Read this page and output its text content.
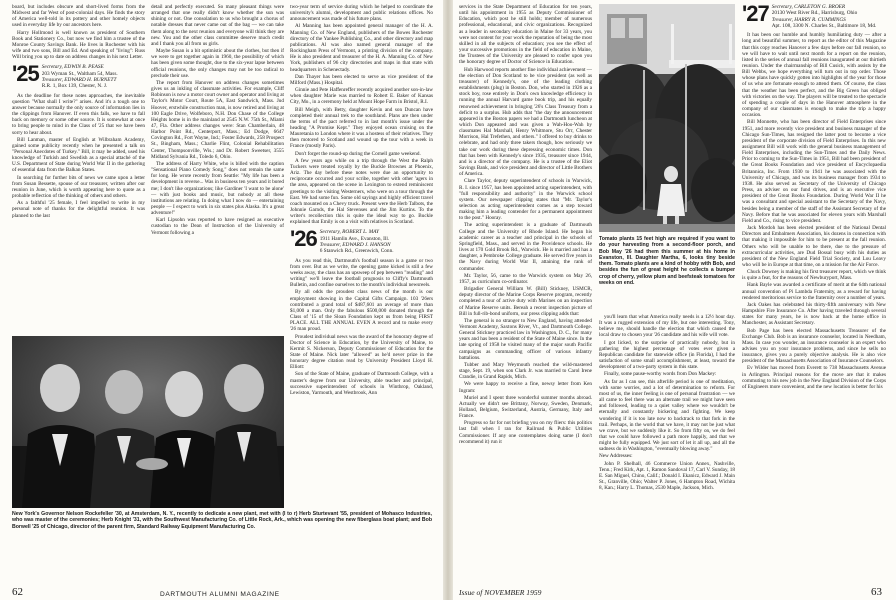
board, but includes obscure and short-lived forms from the Midwest and far West of post-colonial days. He finds the story of America well-told in its pottery and other homely objects used in everyday life by our ancestors here.

Harry Hollmond is well known as president of Southern Book and Stationery Co., but now we find him a trustee of the Monroe County Savings Bank. He lives in Rochester with his wife and two sons, Bill and Ed. And speaking of "living": Russ Will bring you up to date on address changes in his next Letter.

'25 Secretary, EDWIN B. PEASE
203 Wyman St., Waltham 54, Mass.
Treasurer, EDWARD H. BURNETT
R.R. 1, Box 139, Chester, N. J.

As the deadline for these notes approaches, the inevitable question "What shall I write?" arises. And it's a tough one to answer because normally the only source of information lies in the clippings from Hanover. If even this falls, we have to fall back on memory or some other source. It is somewhat at once to bring people to mind in the Class of '25 that we have been sorry to hear about.

Bill Lanman, master of English at Wilbraham Academy, gained some publicity recently when he presented a talk on "Personal Anecdotes of Turkey." Bill, it may be added, used his knowledge of Turkish and Swedish as a special attaché of the U.S. Department of State during World War II in the gathering of essential data from the Balkan States.

In searching for further bits of news we came upon a letter from Susan Bessette, spouse of our treasurer, written after our reunion in June, which is worth appearing here to quote as a probable reflection of the thinking of others and others.

As a faithful '25 female, I feel impelled to write in my personal note of thanks for the delightful reunion. It was planned to the last

detail and perfectly executed. So many pleasant things were arranged that one really didn't know whether the sun was shining or not. One consolation to us who brought a chorus of notable dresses that never came out of the bag — we can take them along to the next reunion and everyone will think they are new. You and the other class committee deserve much credit and I thank you all from us girls.

Maybe Susan is a bit optimistic about the clothes, but then if we were to get together again in 1960, the possibility of which has been given some thought, due to the six-year lapse between official reunions, the only changes may not be too radical to preclude their use.

The report from Hanover on address changes sometimes gives us an inkling of classmate activities. For example, Cliff Robinson is now a motor court owner and operator and living at Taylor's Motor Court, Route 5A, East Sandwich, Mass. Jud Hoover, erstwhile construction man, is now retired and living at 100 Eagle Drive, Wolfeboro, N.H. Don Chase of the College Heights home is in the mainland at 2545 N.W. 75th St., Miami 47, Fla. Other address changes were: Stan Chamberlain, 48 Harbor Point Rd., Centerport, Mass.; Ed Dodge, 6647 Covington Rd., Fort Wayne, Ind.; Foster Edwards, 258 Prospect St., Bingham, Mass.; Charlie Flint, Colonial Rehabilitation Center, Thompsonville, Wis.; and Dr. Robert Sweetser, 3555 Midland Sylvania Rd., Toledo 6, Ohio.

The address of Harry White, who is billed with the caption "Sensational Piano Comedy Song," does not remain the same for long. He wrote recently from Seattle: "My life has been a development in reverse... Was in business ten years and it bored me; I don't like organizations; like Gardiner 'I want to be alone' — with just books and music, but nobody at all these institutions are relating. In doing what I now do — entertaining people — I expect to work in six states plus Alaska. It's a great adventure!"

Karl Lipsohn was reported to have resigned as executive custodian to the Dean of Instruction of the University of Vermont following a

two-year term of service during which he helped to coordinate the university's alumni, development and public relations offices. No announcement was made of his future plans.

Al Manning has been appointed general manager of the H. A. Manning Co. of New England, publishers of the Bowes Rochester directory of the Yankee Publishing Co., and other directory and map publications. Al was also named general manager of the Rockingham Press of Vermont, a printing division of the company. He is also president and treasurer of the H. A. Manning Co. of New York, publishers of 96 city directories and maps in that state with headquarters in Schenectady.

Dan Thayer has been elected to serve as vice president of the Milford (Mass.) Hospital.

Ginnie and Pete Haffenreffer recently acquired another son-in-law when daughter Marie was married to Robert E. Baker of Kansas City, Mo., in a ceremony held at Mount Hope Farm in Bristol, R.I.

Bill Meigh, with Betty, daughter Kevin and son Duncan have completed their annual trek to the southland. Plans are then under the terms of the pact referred to in last month's issue under the heading "A Promise Kept." They enjoyed ocean cruising on the Mauretania to London where it was a hostess of their relatives. They then motored to Scotland and wound up the tour with a week in France (mostly Paris).

Don't forget the round-up during the Cornell game weekend.

A few years ago while on a trip through the West the Ralph Tuckers were treated royally by the Buckle Brownes at Phoenix, Ariz. The day before these notes were due an opportunity to reciprocate occurred and your scribe, together with other 'agers in the area, appeared on the scene in Lexington to extend reminiscent greetings to the visiting Westerners, who were on a tour through the East. We had some fun. Some old sayings and highly efficient travel coach mounted on a Chevy truck. Present were the Herb Talbots, the Johnnie Garnds, the Hal Stevenses and the Jim Kurtins. To the writer's recollection this is quite the ideal way to go. Buckle explained that Emily is on a visit with relatives in Scotland.

'26 Secretary, ROBERT L. MAY
1911 Hamlin Ave., Evanston, Ill.
Treasurer, EDWARD J. HANSON
6 Stanwich Rd., Greenwich, Conn.

As you read this, Dartmouth's football season is a game or two from over. But as we write, the opening game kicked is still a few weeks away, the class has an upsweep of pep between "reading" and writing" we'll leave the football prognosis to Cliffy's Dartmouth Bulletin, and confine ourselves to the month's individual newsreels.

By all odds the proudest class news of the month is our employment showing in the Capital Gifts Campaign. 103 '26ers contributed a grand total of $487,601 an average of more than $1,000 a man. Only the fabulous $500,000 donated through the Class of '15 of the Sloan Foundation kept us from being FIRST PLACE. ALL THE ANNUAL EVEN A record and to make every '26 man proud.

Proudest individual news was the award of the honorary degree of Doctor of Science in Education, by the University of Maine, to Kermit S. Nickerson, Deputy Commissioner of Education for the State of Maine. Nick later "allowed" as he'd never prize in the honorary degree citation read by University President Lloyd H. Elliott:

Son of the State of Maine, graduate of Dartmouth College, with a master's degree from our University, able teacher and principal, successive superintendent of schools in Winthrop, Oakland, Lewiston, Yarmouth, and Westbrook, Ann

New York's Governor Nelson Rockefeller '30, at Amsterdam, N. Y., recently to dedicate a new plant, met with (l to r) Herb Sturtevant '55, president of Mohasco Industries, who was master of the ceremonies; Herb Knight '31, with the Southwest Manufacturing Co. of Little Rock, Ark., which was opening the new fiberglass boat plant; and Bob Borwell '25 of Chicago, director of the parent firm, Standard Railway Equipment Manufacturing Co.
62	DARTMOUTH ALUMNI MAGAZINE

services in the State Department of Education for ten years, until his appointment in 1955 as Deputy Commissioner of Education, which post he still holds; member of numerous professional, educational, and civic organizations. Recognized as a leader in secondary education in Maine for 33 years, you were not content for your work the reputation of being the most skilled in all the subjects of education; you see the effect of your successive promotions in the field of education in Maine, the Trustees of the University are pleased to confer upon you the honorary degree of Doctor of Science in Education.

Hub Harwood reports another fine individual achievement — the election of Don Scotland to be vice president (as well as treasurer) of Kennedy's, one of the leading clothing establishments (plug) in Boston. Don, who started in 1926 as a stock boy, rose entirely in Don's own knowledge efficiency in running the annual Harvard game book trip, and his equally renowned achievement in bringing '26's Class Treasury from a deficit to a surplus. Hub adds that "the day the announcement appeared in the Boston papers we had a Dartmouth luncheon at which Don appeared and was given a Wah-Hoo-Wah by classmates Hal Marshall, Henry Whitmore, Stu Orr, Chester Morrison, Hal Trefethen, and others." I offered to buy drinks to celebrate, and had only three takers though, how seriously we take our work during these depressing economic times. Don that has been with Kennedy's since 1935, treasurer since 1944, and is a director of the company. He is a trustee of the Eliot Savings Bank, and vice president and director of Little Brothers of America.

Clare Taylor, deputy superintendent of schools in Warwick, R. I. since 1957, has been appointed acting superintendent, with "full responsibility and authority" in the Warwick school system. Our newspaper clipping states that "Mr. Taylor's selection as acting superintendent comes as a step toward making him a leading contender for a permanent appointment to the post." Hooray.

The acting superintendent is a graduate of Dartmouth College and the University of Rhode Island. He began his academic career as a teacher and principal in the schools of Springfield, Mass., and served in the Providence schools. He lives at 170 Gold Brook Rd., Warwick. He is married and has a daughter, a Pembroke College graduate. He served five years in the Navy during World War II, attaining the rank of commander.

Mr. Taylor, 56, came to the Warwick system on May 26, 1957, as curriculum co-ordinator.

Brigadier General William W. (Bill) Stickney, USMCR, deputy director of the Marine Corps Reserve program, recently completed a tour of active duty with Marines on an inspection of Marine Reserve units. Bereah a recent inspection picture of Bill in full-rib-bond uniform, our press clipping adds that:

The general is no stranger to New England, having attended Vermont Academy, Saxtons River, Vt., and Dartmouth College. General Stickney practiced law in Washington, D. C., for many years and has been a resident of the State of Maine since. In the late spring of 1958 he visited many of the major south Pacific campaigns as commanding officer of various infantry battalions.

Tubber and Mary Weymouth reached the wild-mastered stage, Sept. 19, when son Clark Jr. was married to Carol Irene Crandie, in Grand Rapids, Mich.

We were happy to receive a fine, newsy letter from Ken Ingram:

Muriel and I spent three wonderful summer months abroad. Actually we didn't see Brittany, Norway, Sweden, Denmark, Holland, Belgium, Switzerland, Austria, Germany, Italy and France.

Progress so far for not briefing you on my fliers: this politics last fall when I ran for Railroad & Public Utilities Commissioner. If any one contemplates doing same (I don't recommend it) run it

Tomato plants 15 feet high are required if you want to do your harvesting from a second-floor porch, and Bob May '26 had them this summer at his home in Evanston, Ill. Daughter Martha, 6, looks tiny beside them. Tomato plants are a kind of hobby with Bob, and besides the fun of great height he collects a bumper crop of cherry, yellow plum and beefsteak tomatoes for weeks on end.

you'll learn that what America really needs is a 12½ hour day. It was a rugged extension of my life, but one interesting. Tony, believe me, should handle the election that which caused the local draw to chosen your '26 candidate and his wife will vote.

I got licked, to the surprise of practically nobody, but in gathering the highest percentage of votes ever given a Republican candidate for statewide office (in Florida), I had the satisfaction of some small accomplishment, at least, toward the development of a two-party system in this state.

Finally, some pause-worthy words from Don Mackey:

As far as I can see, this afterlife period is one of meditation, with some worries, and a lot of determination to reform. For most of us, the inner feeling is one of personal frustration — we all came to feel there was an alternate trail we might have seen and followed, leading to a quiet valley where we wouldn't be eternally and constantly bickering and fighting. We keep wondering if it is too late now to backtrack to that fork in the trail. Perhaps, in the world that we have, it may not be just what we crave, but we suddenly like it. So from fifty on, we do feel that we could have followed a path more happily, and that we might be fully equipped. We just sort of let it all up, and all the sadness do in Washington, "eventually blowing away."

New Addresses:

John P. Shelhall, 46 Commerce Union Annex, Nashville, Tenn.; Fred Kirk, Apt. 1, Ramon Sandoval 17, Carl V. Sunday, 18 E. San Miguel, Chino, Calif.; Donald I. Ekanicz, Edward J. Main St., Granville, Ohio; Walter P. Jones, 6 Hampton Road, Wichita 8, Kan.; Harry L. Thomas, 2530 Maple, Jackson, Mich.

'27 Secretary, CARLETON G. BROER
20130 West River Rd., Harrisburg, Ohio
Treasurer, HARRY R. CUMMINGS
Apt. 108, 3300 N. Charles St., Baltimore 18, Md.

It has been our humble and humbly humiliating duty — after a long and beautiful summer, to report as the editor of this Magazine that this copy reaches Hanover a few days before our fall reunion, so we will have to wait until next month for a report on the reunion, listed in the series of annual fall reunions inaugurated at our thirtieth reunion. Under the chairmanship of Bill Cusick, with assists by the Bill Webbs, we hope everything will turn out in top order. Those whose plans have quickly gotten into highlights of the year for those of us who are fortunate enough to attend them. Of course, the class that the weather has been perfect, and the Big Green has obliged with victories on the way. The players will be treated to the spectacle of spending a couple of days in the Hanover atmosphere in the company of our classmates is enough to make the trip a happy occasion.

Bill Monnette, who has been director of Field Enterprises since 1951, and more recently vice president and business manager of the Chicago Sun-Times, has resigned the latter post to become a vice president of the corporate division of Field Enterprises. In this new assignment Bill will work with the general business management of Field Enterprises, including the Sun-Times and the Daily News. Prior to coming to the Sun-Times in 1951, Bill had been president of the Great Books Foundation and vice president of Encyclopaedia Britannica, Inc. From 1930 to 1941 he was associated with the University of Chicago, and was its business manager from 1934 to 1938. He also served as Secretary of the University of Chicago Press, an adviser on our fund drives, and is an executive vice president of the Great Books Foundation. During World War II he was a consultant and special assistant to the Secretary of the Navy, besides being a member of the staff of the Assistant Secretary of the Navy. Before that he was associated for eleven years with Marshall Field and Co., rising to vice president.

Jack Mordoh has been elected president of the National Dental Directors and Embalmers Association, his dozens in connection with that making it impossible for him to be present at the fall reunion. Others who will be unable to be there, due to the pressure of extracurricular activities, are Dud Bossal busy with his duties as president of the New England Field Trial Society, and Lou Leavy who will be in Europe at that time, on a mission for the Air Force.

Chuck Downey is making his first treasurer report, which we think is quite a feat, for the reasons of Newburyport, Mass.

Hank Bayle was awarded a certificate of merit at the 64th national annual convention of Pi Lambda Fraternity, as a reward for having rendered meritorious service to the fraternity over a number of years.

Jack Oakes has celebrated his thirty-fifth anniversary with New Hampshire Fire Insurance Co. After having traveled through several states for many years, he is now back at the home office in Manchester, as Assistant Secretary.

Bob Page has been elected Massachusetts Treasurer of the Exchange Club. Bob is an insurance counselor, located in Needham, Mass. In case you wonder, an insurance counselor is an expert who advises you on your insurance problems, and since he sells no insurance, gives you a purely objective analysis. He is also vice president of the Massachusetts Association of Insurance Counselors.

Ev Wilder has moved from Everett to 738 Massachusetts Avenue in Arlington. Principal reasons for the move are that it makes commuting to his new job in the New England Division of the Corps of Engineers more convenient, and the new location is better for his

Issue of NOVEMBER 1959	63
